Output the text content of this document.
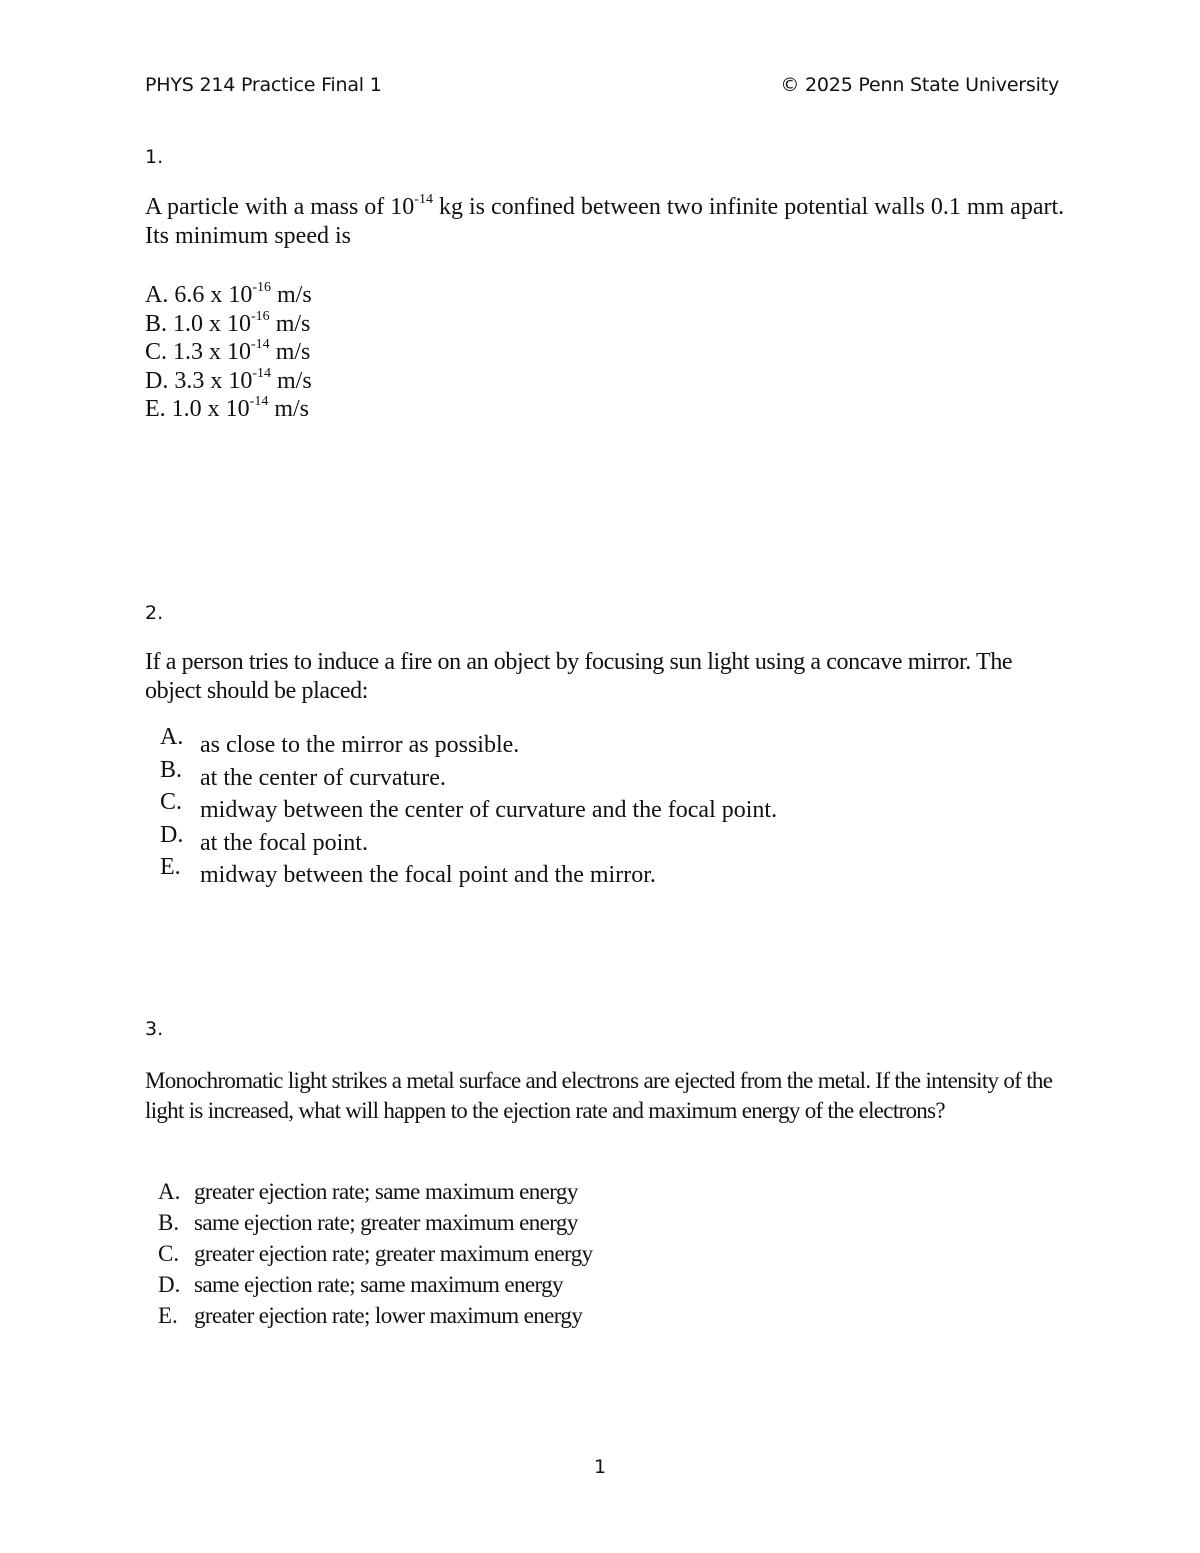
PHYS 214 Practice Final 1	© 2025 Penn State University
1.
A particle with a mass of $10^{-14}$ kg is confined between two infinite potential walls 0.1 mm apart. Its minimum speed is
A. 6.6 x $10^{-16}$ m/s
B. 1.0 x $10^{-16}$ m/s
C. 1.3 x $10^{-14}$ m/s
D. 3.3 x $10^{-14}$ m/s
E. 1.0 x $10^{-14}$ m/s
2.
If a person tries to induce a fire on an object by focusing sun light using a concave mirror. The object should be placed:
A. as close to the mirror as possible.
B. at the center of curvature.
C. midway between the center of curvature and the focal point.
D. at the focal point.
E. midway between the focal point and the mirror.
3.
Monochromatic light strikes a metal surface and electrons are ejected from the metal. If the intensity of the light is increased, what will happen to the ejection rate and maximum energy of the electrons?
A. greater ejection rate; same maximum energy
B. same ejection rate; greater maximum energy
C. greater ejection rate; greater maximum energy
D. same ejection rate; same maximum energy
E. greater ejection rate; lower maximum energy
1
